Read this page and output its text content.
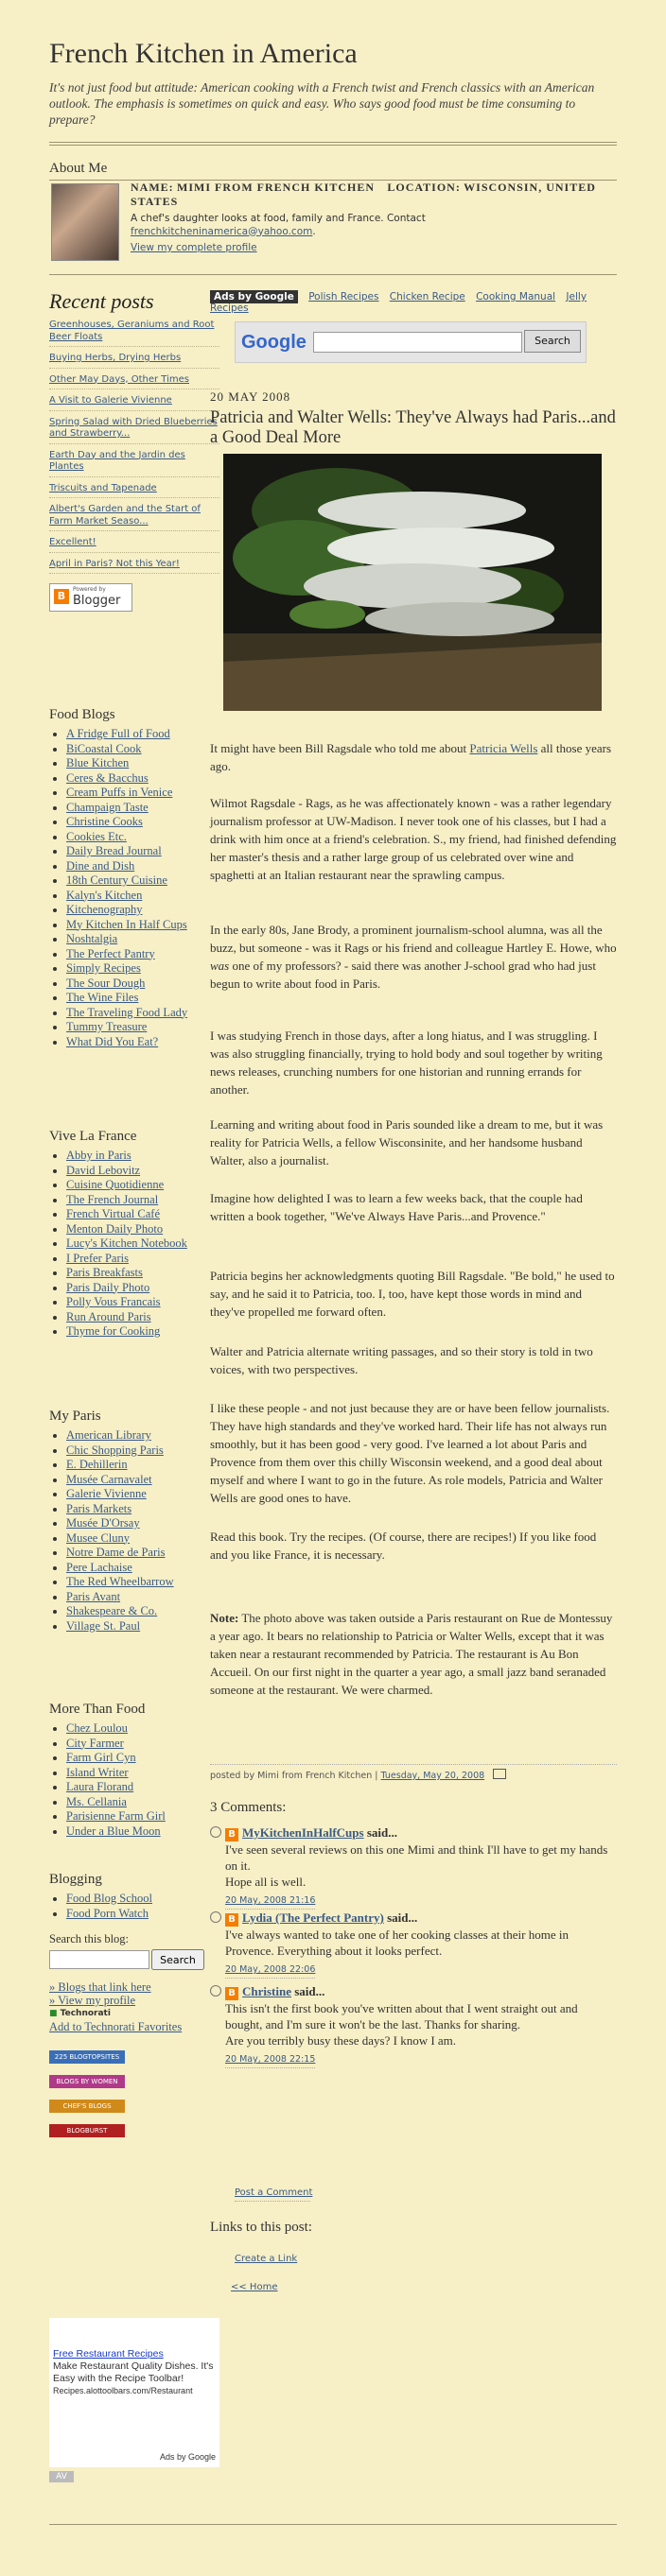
French Kitchen in America
It's not just food but attitude: American cooking with a French twist and French classics with an American outlook. The emphasis is sometimes on quick and easy. Who says good food must be time consuming to prepare?
About Me
NAME: MIMI FROM FRENCH KITCHEN LOCATION: WISCONSIN, UNITED STATES
A chef's daughter looks at food, family and France. Contact
frenchkitcheninamerica@yahoo.com.
View my complete profile
Recent posts
Greenhouses, Geraniums and Root Beer Floats
Buying Herbs, Drying Herbs
Other May Days, Other Times
A Visit to Galerie Vivienne
Spring Salad with Dried Blueberries and Strawberry...
Earth Day and the Jardin des Plantes
Triscuits and Tapenade
Albert's Garden and the Start of Farm Market Seaso...
Excellent!
April in Paris? Not this Year!
B
Powered by
Blogger
Food Blogs
• A Fridge Full of Food
• BiCoastal Cook
• Blue Kitchen
• Ceres & Bacchus
• Cream Puffs in Venice
• Champaign Taste
• Christine Cooks
• Cookies Etc.
• Daily Bread Journal
• Dine and Dish
• 18th Century Cuisine
• Kalyn's Kitchen
• Kitchenography
• My Kitchen In Half Cups
• Noshtalgia
• The Perfect Pantry
• Simply Recipes
• The Sour Dough
• The Wine Files
• The Traveling Food Lady
• Tummy Treasure
• What Did You Eat?
Vive La France
• Abby in Paris
• David Lebovitz
• Cuisine Quotidienne
• The French Journal
• French Virtual Café
• Menton Daily Photo
• Lucy's Kitchen Notebook
• I Prefer Paris
• Paris Breakfasts
• Paris Daily Photo
• Polly Vous Francais
• Run Around Paris
• Thyme for Cooking
My Paris
• American Library
• Chic Shopping Paris
• E. Dehillerin
• Musée Carnavalet
• Galerie Vivienne
• Paris Markets
• Musée D'Orsay
• Musee Cluny
• Notre Dame de Paris
• Pere Lachaise
• The Red Wheelbarrow
• Paris Avant
• Shakespeare & Co.
• Village St. Paul
More Than Food
• Chez Loulou
• City Farmer
• Farm Girl Cyn
• Island Writer
• Laura Florand
• Ms. Cellania
• Parisienne Farm Girl
• Under a Blue Moon
Blogging
• Food Blog School
• Food Porn Watch
Search this blog:
Search
» Blogs that link here
» View my profile
■ Technorati
Add to Technorati Favorites
225 BLOGTOPSITES
BLOGS BY WOMEN
CHEF'S BLOGS
BLOGBURST
Free Restaurant Recipes
Make Restaurant Quality Dishes. It's Easy with the Recipe Toolbar!
Recipes.alottoolbars.com/Restaurant
Ads by Google
AV
Ads by Google Polish Recipes Chicken Recipe Cooking Manual Jelly Recipes
Google	Search
20 MAY 2008
Patricia and Walter Wells: They've Always had Paris...and a Good Deal More
It might have been Bill Ragsdale who told me about Patricia Wells all those years ago.
Wilmot Ragsdale - Rags, as he was affectionately known - was a rather legendary journalism professor at UW-Madison. I never took one of his classes, but I had a drink with him once at a friend's celebration. S., my friend, had finished defending her master's thesis and a rather large group of us celebrated over wine and spaghetti at an Italian restaurant near the sprawling campus.
In the early 80s, Jane Brody, a prominent journalism-school alumna, was all the buzz, but someone - was it Rags or his friend and colleague Hartley E. Howe, who was one of my professors? - said there was another J-school grad who had just begun to write about food in Paris.
I was studying French in those days, after a long hiatus, and I was struggling. I was also struggling financially, trying to hold body and soul together by writing news releases, crunching numbers for one historian and running errands for another.
Learning and writing about food in Paris sounded like a dream to me, but it was reality for Patricia Wells, a fellow Wisconsinite, and her handsome husband Walter, also a journalist.
Imagine how delighted I was to learn a few weeks back, that the couple had written a book together, "We've Always Have Paris...and Provence."
Patricia begins her acknowledgments quoting Bill Ragsdale. "Be bold," he used to say, and he said it to Patricia, too. I, too, have kept those words in mind and they've propelled me forward often.
Walter and Patricia alternate writing passages, and so their story is told in two voices, with two perspectives.
I like these people - and not just because they are or have been fellow journalists. They have high standards and they've worked hard. Their life has not always run smoothly, but it has been good - very good. I've learned a lot about Paris and Provence from them over this chilly Wisconsin weekend, and a good deal about myself and where I want to go in the future. As role models, Patricia and Walter Wells are good ones to have.
Read this book. Try the recipes. (Of course, there are recipes!) If you like food and you like France, it is necessary.
Note: The photo above was taken outside a Paris restaurant on Rue de Montessuy a year ago. It bears no relationship to Patricia or Walter Wells, except that it was taken near a restaurant recommended by Patricia. The restaurant is Au Bon Accueil. On our first night in the quarter a year ago, a small jazz band seranaded someone at the restaurant. We were charmed.
posted by Mimi from French Kitchen | Tuesday, May 20, 2008
3 Comments:
B MyKitchenInHalfCups said...
I've seen several reviews on this one Mimi and think I'll have to get my hands on it.
Hope all is well.
20 May, 2008 21:16
B Lydia (The Perfect Pantry) said...
I've always wanted to take one of her cooking classes at their home in Provence. Everything about it looks perfect.
20 May, 2008 22:06
B Christine said...
This isn't the first book you've written about that I went straight out and bought, and I'm sure it won't be the last. Thanks for sharing.
Are you terribly busy these days? I know I am.
20 May, 2008 22:15
Post a Comment
Links to this post:
Create a Link
<< Home
